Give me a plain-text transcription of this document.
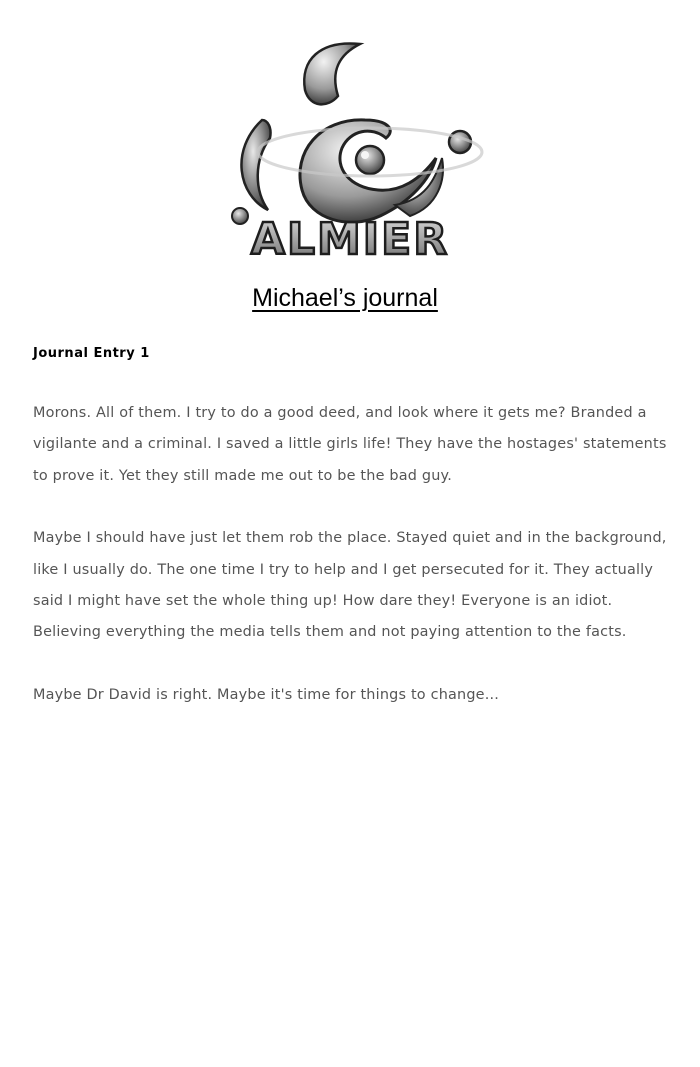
ALMIER
Michael’s journal
Journal Entry 1

Morons. All of them. I try to do a good deed, and look where it gets me? Branded a vigilante and a criminal. I saved a little girls life! They have the hostages' statements to prove it. Yet they still made me out to be the bad guy.

Maybe I should have just let them rob the place. Stayed quiet and in the background, like I usually do. The one time I try to help and I get persecuted for it. They actually said I might have set the whole thing up! How dare they! Everyone is an idiot. Believing everything the media tells them and not paying attention to the facts.

Maybe Dr David is right. Maybe it's time for things to change...
